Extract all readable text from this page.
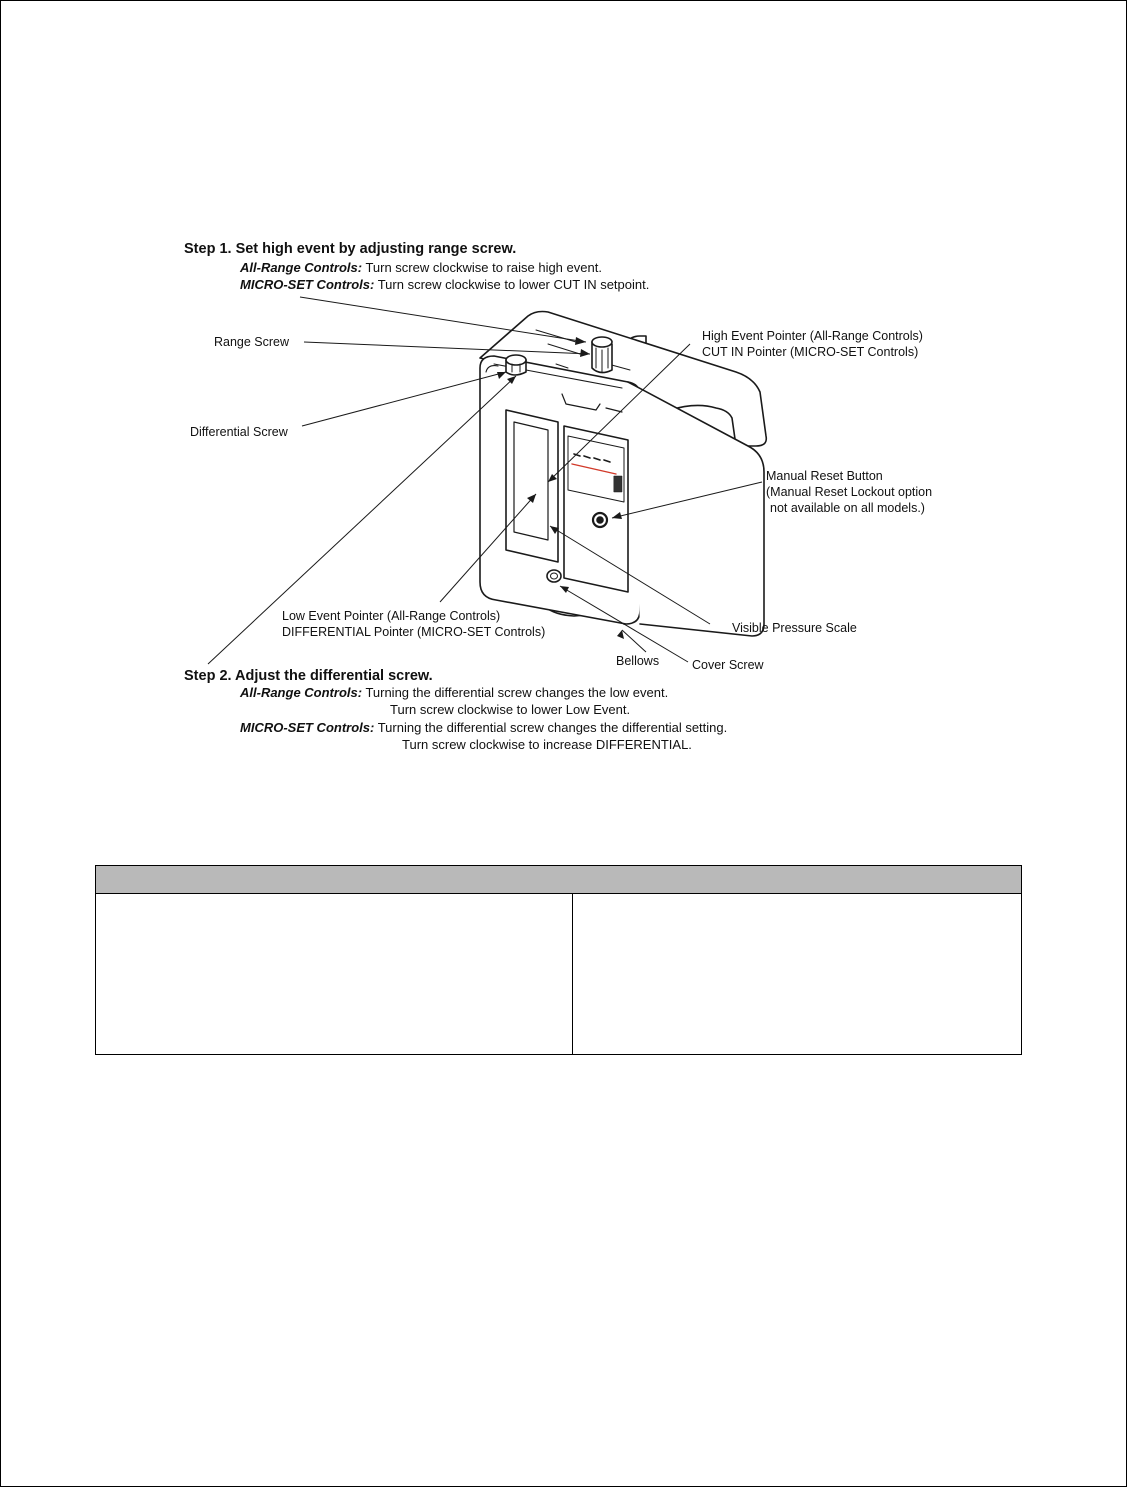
Step 1. Set high event by adjusting range screw.
All-Range Controls: Turn screw clockwise to raise high event.
MICRO-SET Controls: Turn screw clockwise to lower CUT IN setpoint.
Range Screw
Differential Screw
High Event Pointer (All-Range Controls)
CUT IN Pointer (MICRO-SET Controls)
Manual Reset Button
(Manual Reset Lockout option
not available on all models.)
Low Event Pointer (All-Range Controls)
DIFFERENTIAL Pointer (MICRO-SET Controls)	Visible Pressure Scale
Bellows	Cover Screw
Step 2. Adjust the differential screw.
All-Range Controls: Turning the differential screw changes the low event.
Turn screw clockwise to lower Low Event.
MICRO-SET Controls: Turning the differential screw changes the differential setting.
Turn screw clockwise to increase DIFFERENTIAL.
